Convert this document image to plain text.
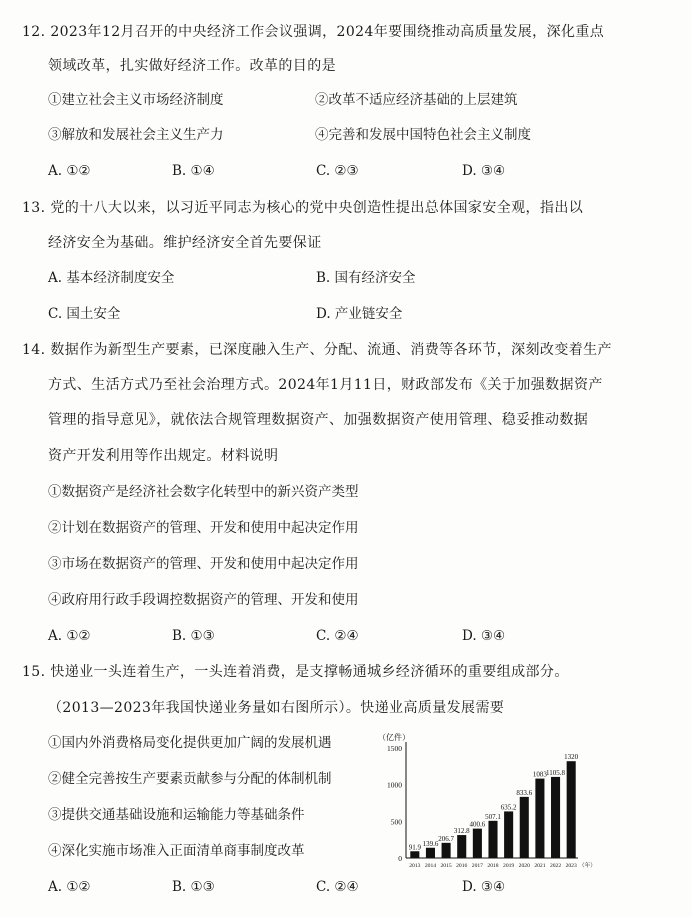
12. 2023年12月召开的中央经济工作会议强调，2024年要围绕推动高质量发展，深化重点
领域改革，扎实做好经济工作。改革的目的是
①建立社会主义市场经济制度	②改革不适应经济基础的上层建筑
③解放和发展社会主义生产力	④完善和发展中国特色社会主义制度
A. ①②	B. ①④	C. ②③	D. ③④
13. 党的十八大以来，以习近平同志为核心的党中央创造性提出总体国家安全观，指出以
经济安全为基础。维护经济安全首先要保证
A. 基本经济制度安全	B. 国有经济安全
C. 国土安全	D. 产业链安全
14. 数据作为新型生产要素，已深度融入生产、分配、流通、消费等各环节，深刻改变着生产
方式、生活方式乃至社会治理方式。2024年1月11日，财政部发布《关于加强数据资产
管理的指导意见》，就依法合规管理数据资产、加强数据资产使用管理、稳妥推动数据
资产开发利用等作出规定。材料说明
①数据资产是经济社会数字化转型中的新兴资产类型
②计划在数据资产的管理、开发和使用中起决定作用
③市场在数据资产的管理、开发和使用中起决定作用
④政府用行政手段调控数据资产的管理、开发和使用
A. ①②	B. ①③	C. ②④	D. ③④
15. 快递业一头连着生产，一头连着消费，是支撑畅通城乡经济循环的重要组成部分。
（2013—2023年我国快递业务量如右图所示）。快递业高质量发展需要
①国内外消费格局变化提供更加广阔的发展机遇
②健全完善按生产要素贡献参与分配的体制机制
③提供交通基础设施和运输能力等基础条件
④深化实施市场准入正面清单商事制度改革
A. ①②	B. ①③	C. ②④	D. ③④
（亿件）
91.9 139.6
206.7
312.8
400.6
507.1
635.2
833.6
1083 1105.8
1320
2013 2014 2015 2016 2017 2018 2019 2020 2021 2022 2023 （年）
0
500
1000
1500
